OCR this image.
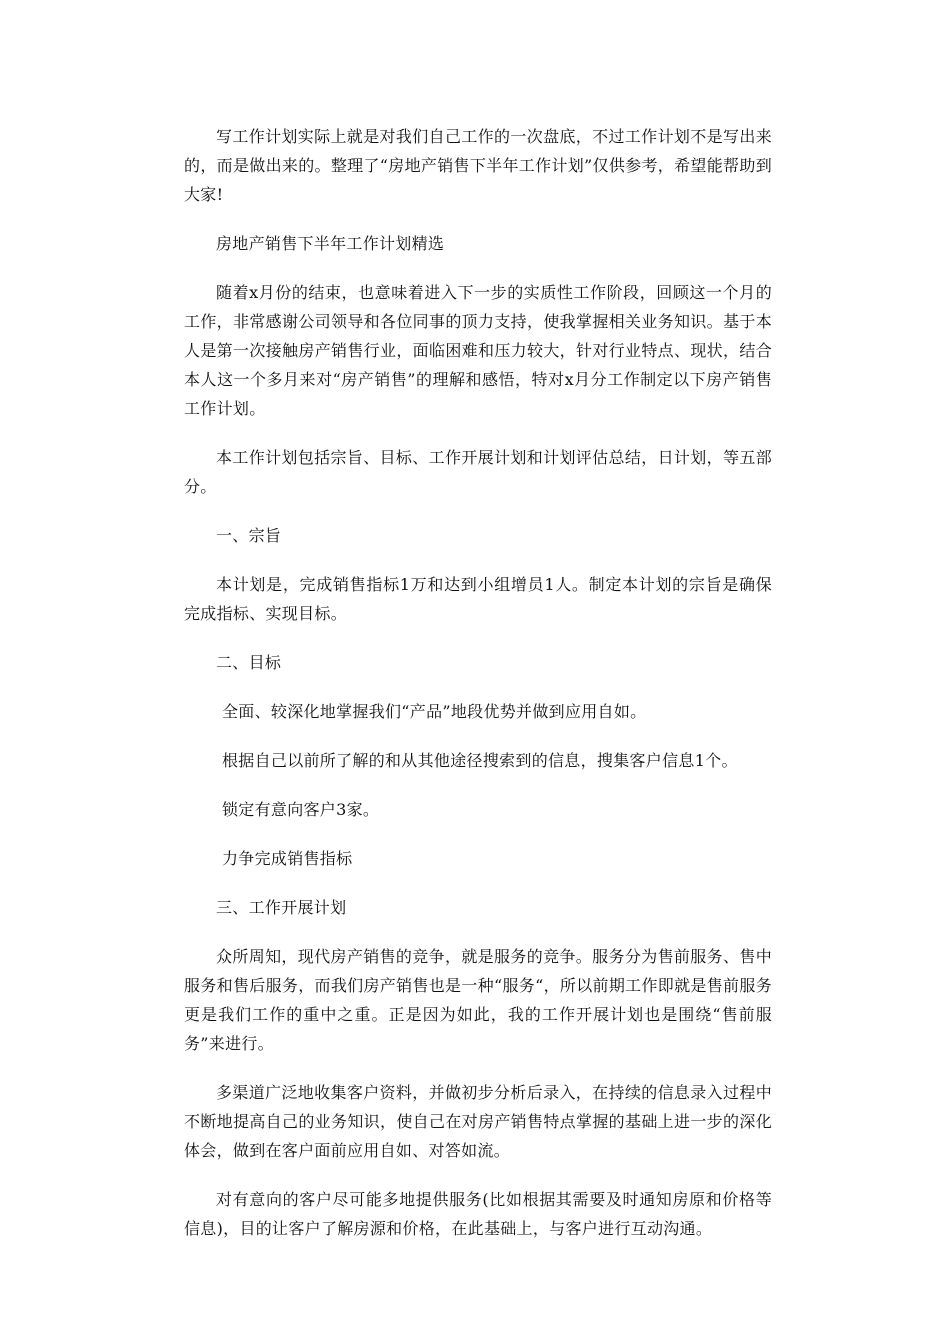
写工作计划实际上就是对我们自己工作的一次盘底，不过工作计划不是写出来的，而是做出来的。整理了“房地产销售下半年工作计划”仅供参考，希望能帮助到大家!

房地产销售下半年工作计划精选

随着x月份的结束，也意味着进入下一步的实质性工作阶段，回顾这一个月的工作，非常感谢公司领导和各位同事的顶力支持，使我掌握相关业务知识。基于本人是第一次接触房产销售行业，面临困难和压力较大，针对行业特点、现状，结合本人这一个多月来对“房产销售”的理解和感悟，特对x月分工作制定以下房产销售工作计划。

本工作计划包括宗旨、目标、工作开展计划和计划评估总结，日计划，等五部分。

一、宗旨

本计划是，完成销售指标1万和达到小组增员1人。制定本计划的宗旨是确保完成指标、实现目标。

二、目标

全面、较深化地掌握我们“产品”地段优势并做到应用自如。

根据自己以前所了解的和从其他途径搜索到的信息，搜集客户信息1个。

锁定有意向客户3家。

力争完成销售指标

三、工作开展计划

众所周知，现代房产销售的竞争，就是服务的竞争。服务分为售前服务、售中服务和售后服务，而我们房产销售也是一种“服务“，所以前期工作即就是售前服务更是我们工作的重中之重。正是因为如此，我的工作开展计划也是围绕“售前服务”来进行。

多渠道广泛地收集客户资料，并做初步分析后录入，在持续的信息录入过程中不断地提高自己的业务知识，使自己在对房产销售特点掌握的基础上进一步的深化体会，做到在客户面前应用自如、对答如流。

对有意向的客户尽可能多地提供服务(比如根据其需要及时通知房原和价格等信息)，目的让客户了解房源和价格，在此基础上，与客户进行互动沟通。
